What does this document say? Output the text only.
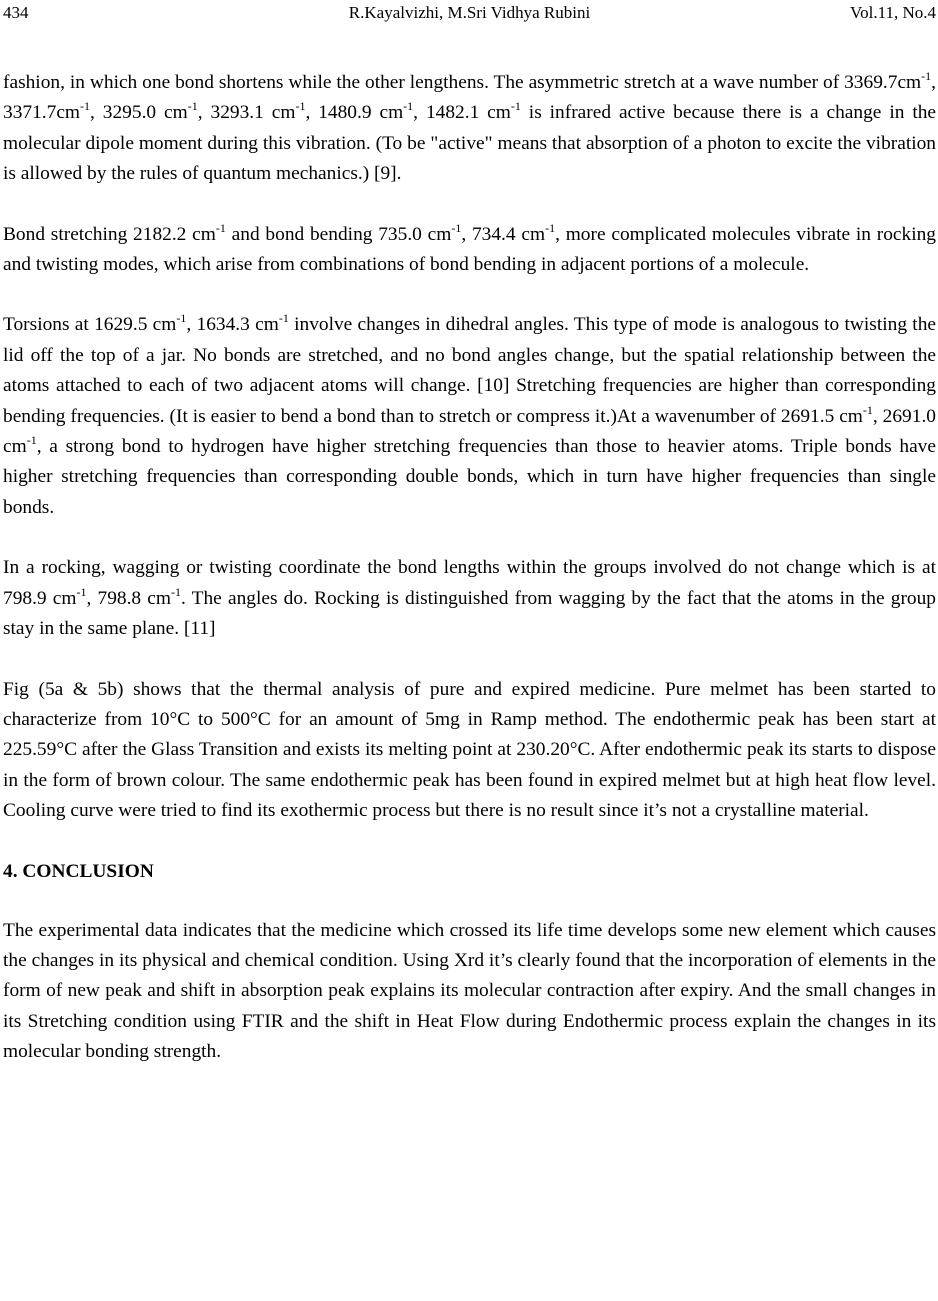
434	R.Kayalvizhi, M.Sri Vidhya Rubini	Vol.11, No.4

fashion, in which one bond shortens while the other lengthens. The asymmetric stretch at a wave number of $3369.7cm^{-1}$, $3371.7cm^{-1}$, 3295.0 $cm^{-1}$, 3293.1 $cm^{-1}$, 1480.9 $cm^{-1}$, 1482.1 $cm^{-1}$ is infrared active because there is a change in the molecular dipole moment during this vibration. (To be "active" means that absorption of a photon to excite the vibration is allowed by the rules of quantum mechanics.) [9].

Bond stretching 2182.2 $cm^{-1}$ and bond bending 735.0 $cm^{-1}$, 734.4 $cm^{-1}$, more complicated molecules vibrate in rocking and twisting modes, which arise from combinations of bond bending in adjacent portions of a molecule.

Torsions at 1629.5 $cm^{-1}$, 1634.3 $cm^{-1}$ involve changes in dihedral angles. This type of mode is analogous to twisting the lid off the top of a jar. No bonds are stretched, and no bond angles change, but the spatial relationship between the atoms attached to each of two adjacent atoms will change. [10] Stretching frequencies are higher than corresponding bending frequencies. (It is easier to bend a bond than to stretch or compress it.)At a wavenumber of 2691.5 $cm^{-1}$, 2691.0 $cm^{-1}$, a strong bond to hydrogen have higher stretching frequencies than those to heavier atoms. Triple bonds have higher stretching frequencies than corresponding double bonds, which in turn have higher frequencies than single bonds.

In a rocking, wagging or twisting coordinate the bond lengths within the groups involved do not change which is at 798.9 $cm^{-1}$, 798.8 $cm^{-1}$. The angles do. Rocking is distinguished from wagging by the fact that the atoms in the group stay in the same plane. [11]

Fig (5a & 5b) shows that the thermal analysis of pure and expired medicine. Pure melmet has been started to characterize from 10°C to 500°C for an amount of 5mg in Ramp method. The endothermic peak has been start at 225.59°C after the Glass Transition and exists its melting point at 230.20°C. After endothermic peak its starts to dispose in the form of brown colour. The same endothermic peak has been found in expired melmet but at high heat flow level. Cooling curve were tried to find its exothermic process but there is no result since it’s not a crystalline material.

4. CONCLUSION

The experimental data indicates that the medicine which crossed its life time develops some new element which causes the changes in its physical and chemical condition. Using Xrd it’s clearly found that the incorporation of elements in the form of new peak and shift in absorption peak explains its molecular contraction after expiry. And the small changes in its Stretching condition using FTIR and the shift in Heat Flow during Endothermic process explain the changes in its molecular bonding strength.
